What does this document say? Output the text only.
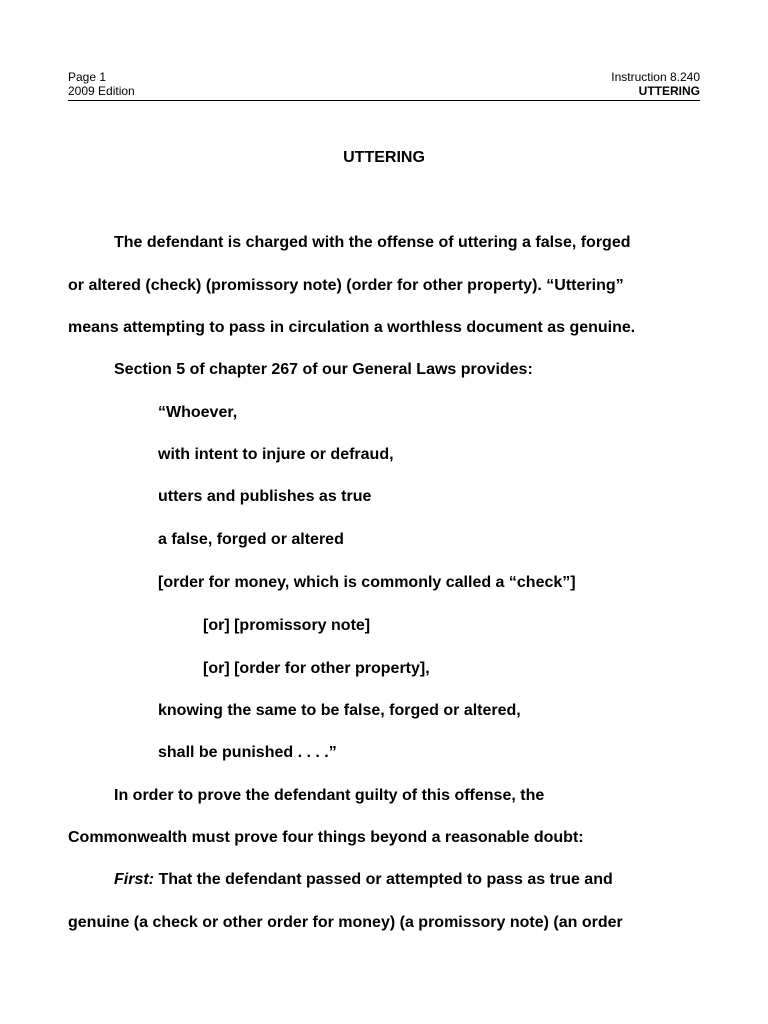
Page 1
2009 Edition
Instruction 8.240
UTTERING
UTTERING
The defendant is charged with the offense of uttering a false, forged
or altered (check) (promissory note) (order for other property). “Uttering”
means attempting to pass in circulation a worthless document as genuine.
Section 5 of chapter 267 of our General Laws provides:
“Whoever,
with intent to injure or defraud,
utters and publishes as true
a false, forged or altered
[order for money, which is commonly called a “check”]
[or] [promissory note]
[or] [order for other property],
knowing the same to be false, forged or altered,
shall be punished . . . .”
In order to prove the defendant guilty of this offense, the
Commonwealth must prove four things beyond a reasonable doubt:
First: That the defendant passed or attempted to pass as true and
genuine (a check or other order for money) (a promissory note) (an order
